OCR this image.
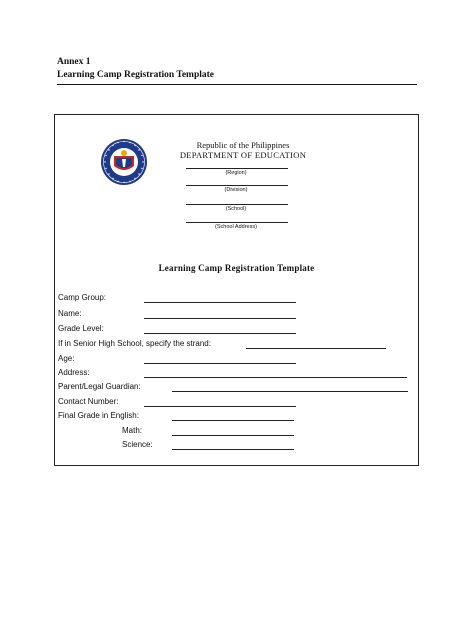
Annex 1
Learning Camp Registration Template
Republic of the Philippines
DEPARTMENT OF EDUCATION
(Region)
(Division)
(School)
(School Address)
Learning Camp Registration Template
Camp Group:
Name:
Grade Level:
If in Senior High School, specify the strand:
Age:
Address:
Parent/Legal Guardian:
Contact Number:
Final Grade in English:
Math:
Science:
